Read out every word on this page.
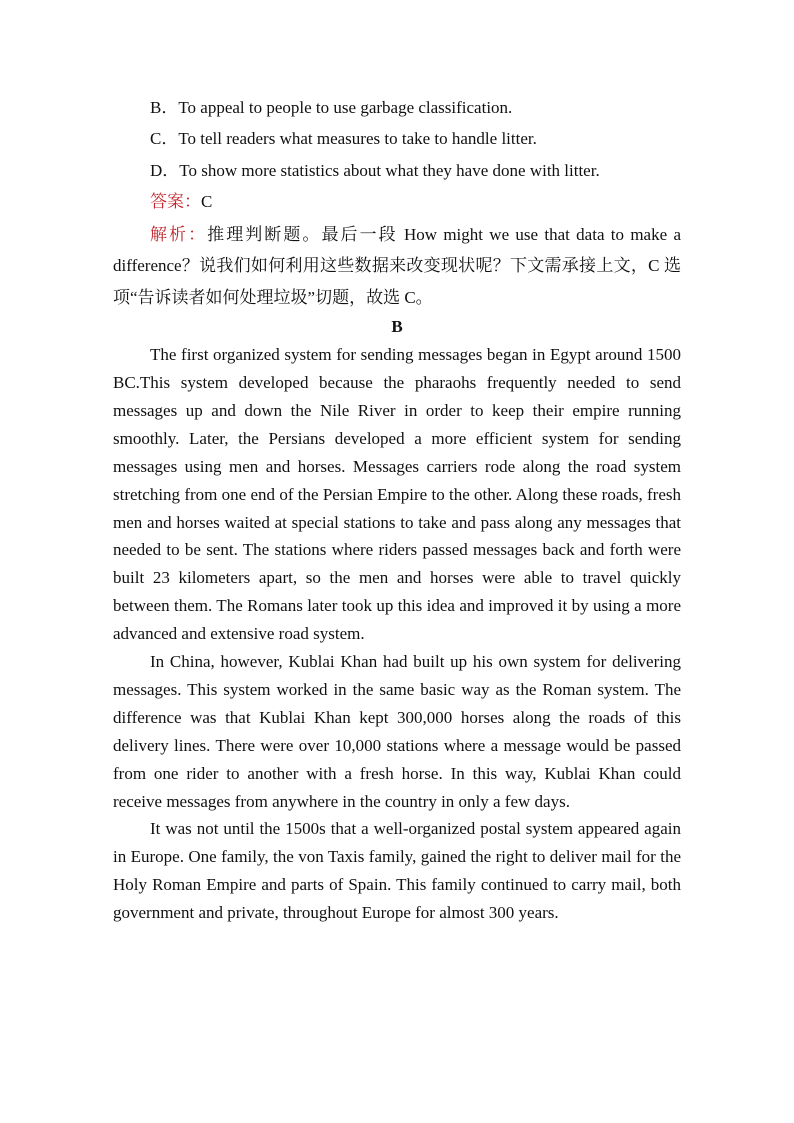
B．To appeal to people to use garbage classification.
C．To tell readers what measures to take to handle litter.
D．To show more statistics about what they have done with litter.
答案：C

解析：推理判断题。最后一段 How might we use that data to make a difference？说我们如何利用这些数据来改变现状呢？下文需承接上文，C 选项“告诉读者如何处理垃圾”切题，故选 C。

B

The first organized system for sending messages began in Egypt around 1500 BC.This system developed because the pharaohs frequently needed to send messages up and down the Nile River in order to keep their empire running smoothly. Later, the Persians developed a more efficient system for sending messages using men and horses. Messages carriers rode along the road system stretching from one end of the Persian Empire to the other. Along these roads, fresh men and horses waited at special stations to take and pass along any messages that needed to be sent. The stations where riders passed messages back and forth were built 23 kilometers apart, so the men and horses were able to travel quickly between them. The Romans later took up this idea and improved it by using a more advanced and extensive road system.

In China, however, Kublai Khan had built up his own system for delivering messages. This system worked in the same basic way as the Roman system. The difference was that Kublai Khan kept 300,000 horses along the roads of this delivery lines. There were over 10,000 stations where a message would be passed from one rider to another with a fresh horse. In this way, Kublai Khan could receive messages from anywhere in the country in only a few days.

It was not until the 1500s that a well-organized postal system appeared again in Europe. One family, the von Taxis family, gained the right to deliver mail for the Holy Roman Empire and parts of Spain. This family continued to carry mail, both government and private, throughout Europe for almost 300 years.
